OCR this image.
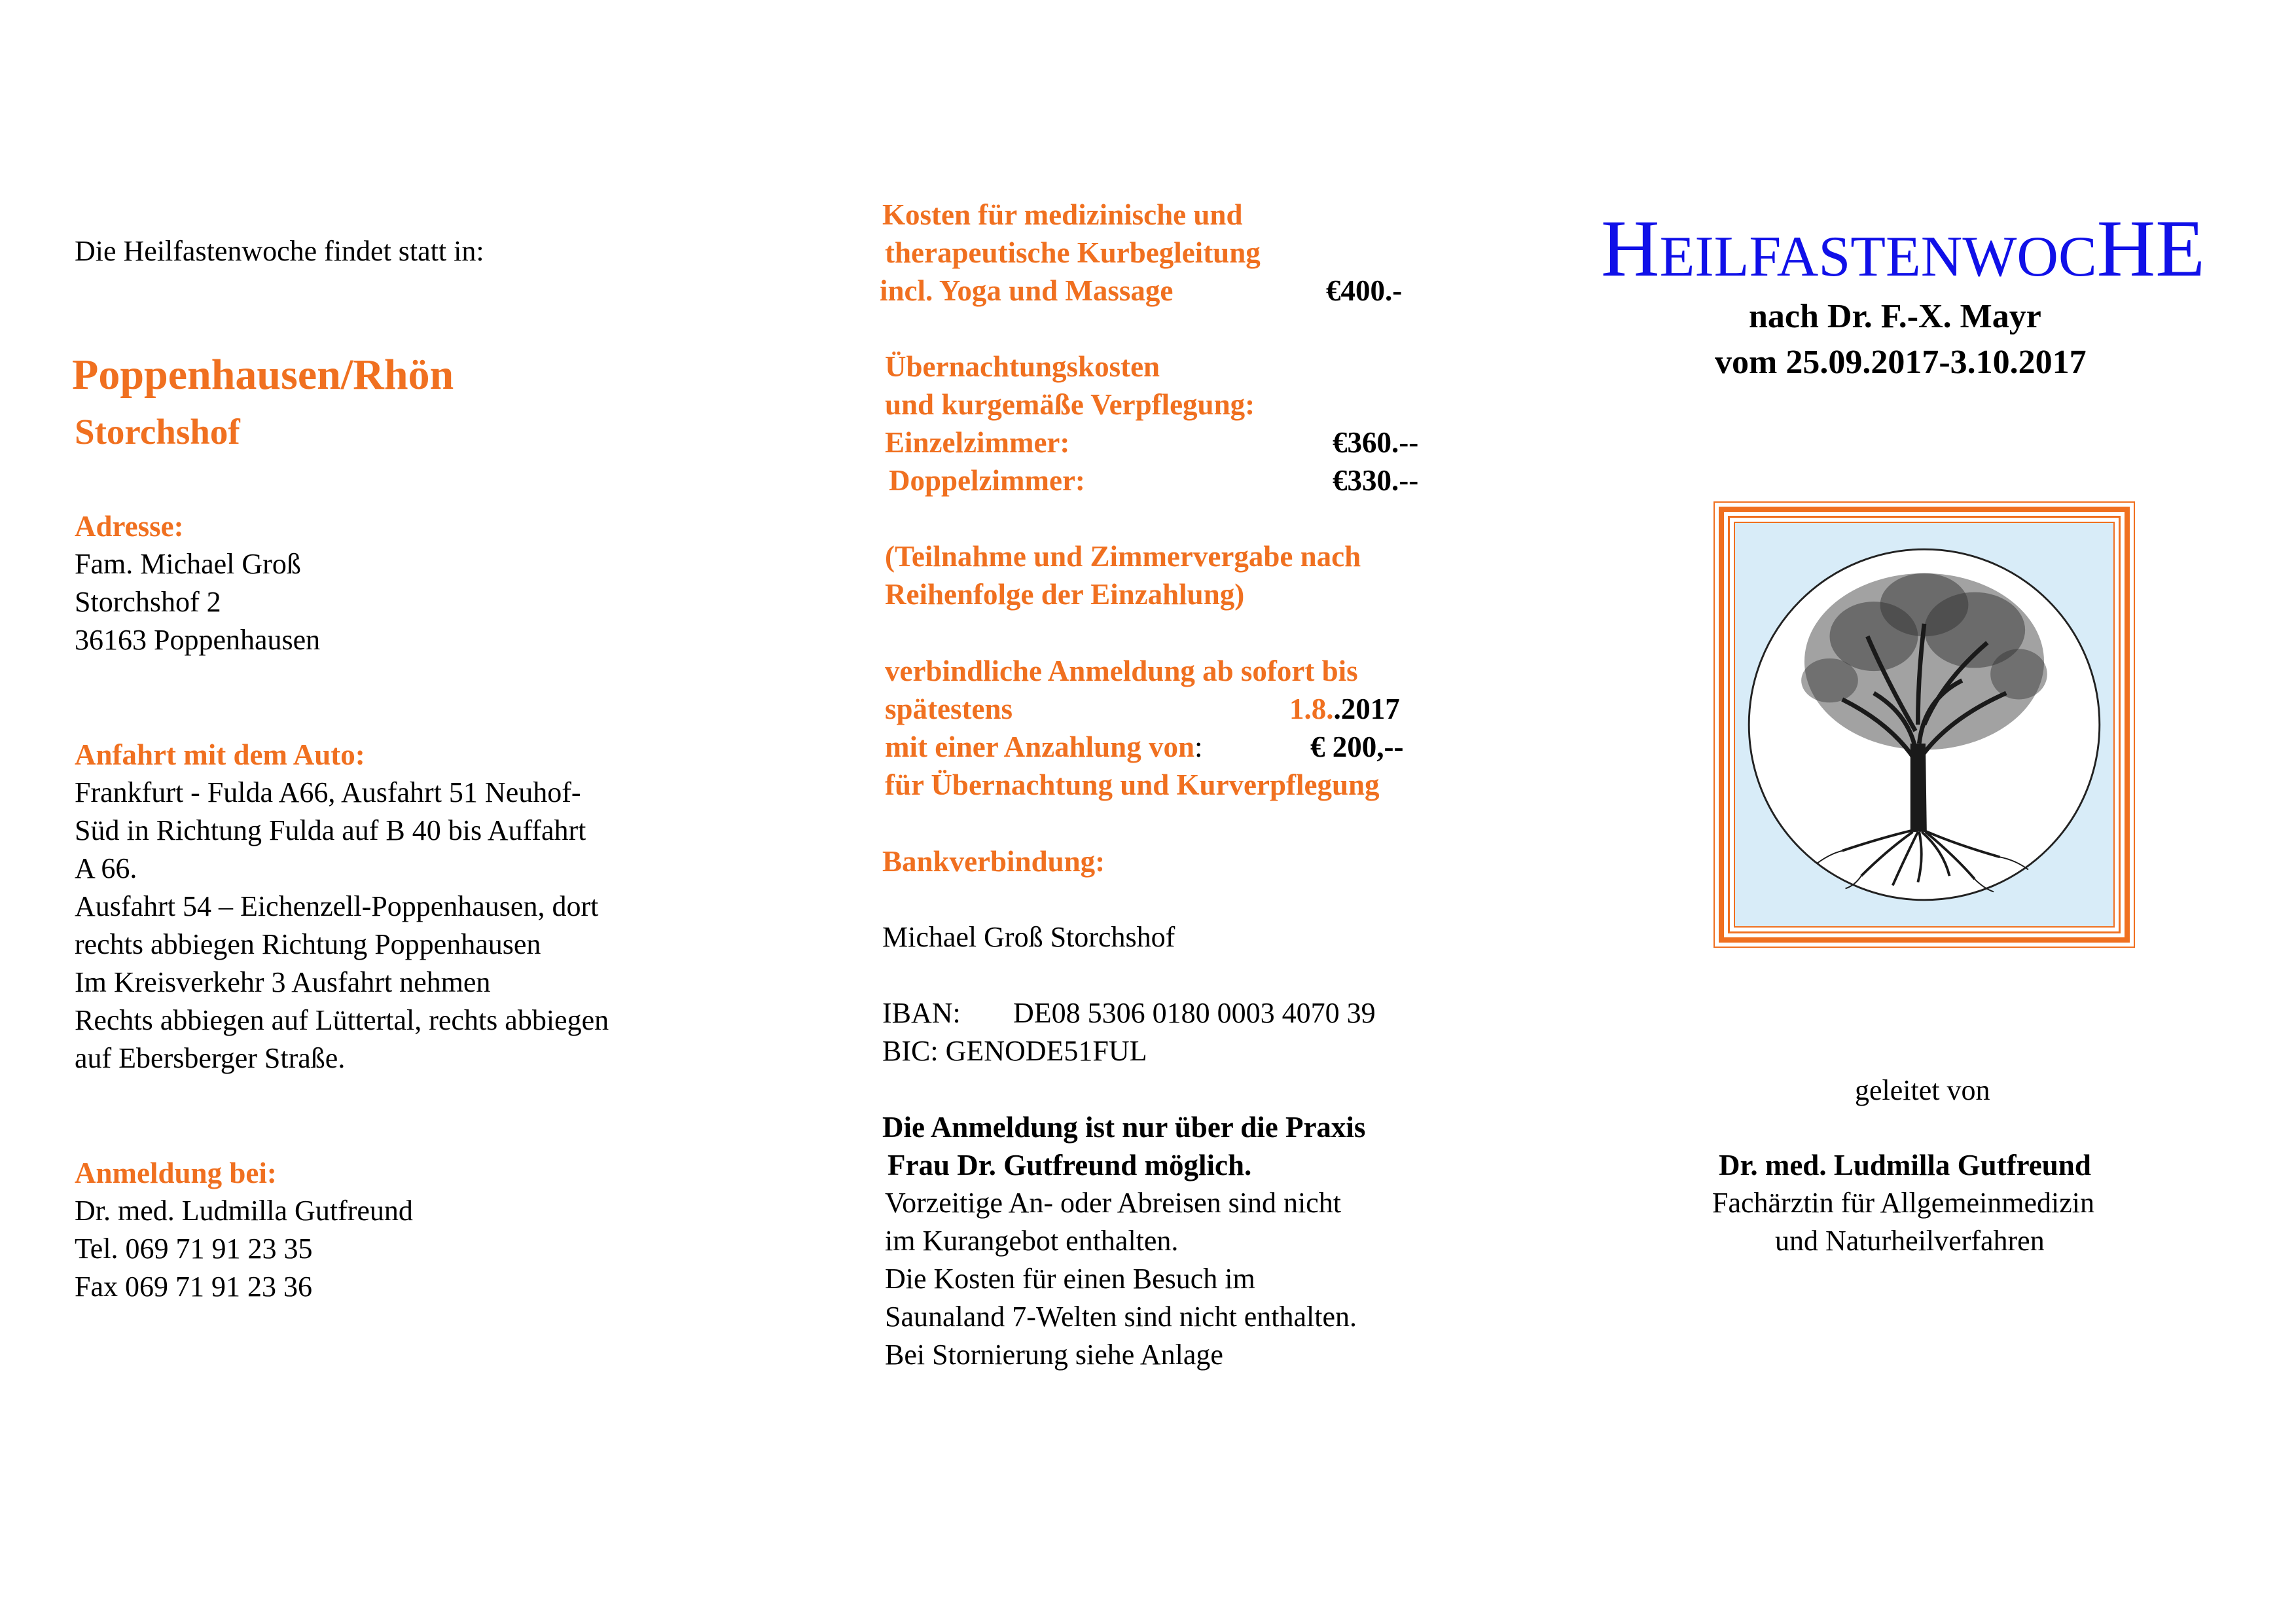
Die Heilfastenwoche findet statt in:
Poppenhausen/Rhön
Storchshof
Adresse:
Fam. Michael Groß
Storchshof 2
36163 Poppenhausen
Anfahrt mit dem Auto:
Frankfurt - Fulda A66, Ausfahrt 51 Neuhof-
Süd in Richtung Fulda auf B 40 bis Auffahrt
A 66.
Ausfahrt 54 – Eichenzell-Poppenhausen, dort
rechts abbiegen Richtung Poppenhausen
Im Kreisverkehr 3 Ausfahrt nehmen
Rechts abbiegen auf Lüttertal, rechts abbiegen
auf Ebersberger Straße.
Anmeldung bei:
Dr. med. Ludmilla Gutfreund
Tel. 069 71 91 23 35
Fax 069 71 91 23 36
Kosten für medizinische und
therapeutische Kurbegleitung
incl. Yoga und Massage	€400.-
Übernachtungskosten
und kurgemäße Verpflegung:
Einzelzimmer:	€360.--
Doppelzimmer:	€330.--
(Teilnahme und Zimmervergabe nach
Reihenfolge der Einzahlung)
verbindliche Anmeldung ab sofort bis
spätestens	1.8..2017
mit einer Anzahlung von:	€ 200,--
für Übernachtung und Kurverpflegung
Bankverbindung:
Michael Groß Storchshof
IBAN: DE08 5306 0180 0003 4070 39
BIC: GENODE51FUL
Die Anmeldung ist nur über die Praxis
Frau Dr. Gutfreund möglich.
Vorzeitige An- oder Abreisen sind nicht
im Kurangebot enthalten.
Die Kosten für einen Besuch im
Saunaland 7-Welten sind nicht enthalten.
Bei Stornierung siehe Anlage
HEILFASTENWOCHE
nach Dr. F.-X. Mayr
vom 25.09.2017-3.10.2017
geleitet von
Dr. med. Ludmilla Gutfreund
Fachärztin für Allgemeinmedizin
und Naturheilverfahren
